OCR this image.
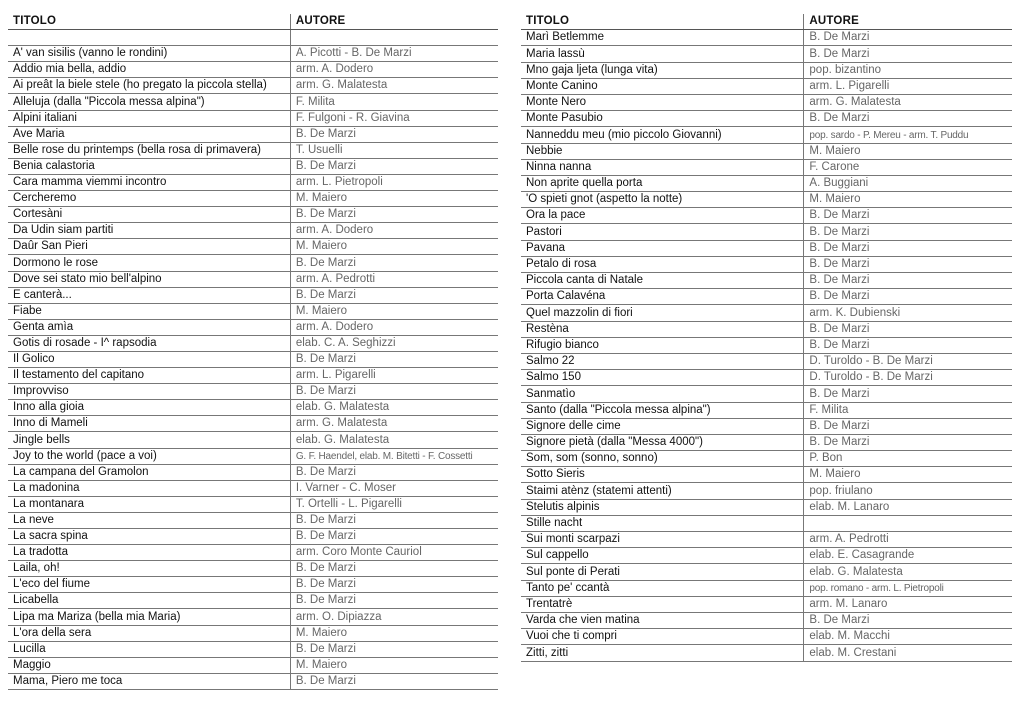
TITOLO	AUTORE

A' van sisilis (vanno le rondini)	A. Picotti - B. De Marzi
Addio mia bella, addio	arm. A. Dodero
Ai preât la biele stele (ho pregato la piccola stella)	arm. G. Malatesta
Alleluja (dalla "Piccola messa alpina")	F. Milita
Alpini italiani	F. Fulgoni - R. Giavina
Ave Maria	B. De Marzi
Belle rose du printemps (bella rosa di primavera)	T. Usuelli
Benia calastoria	B. De Marzi
Cara mamma viemmi incontro	arm. L. Pietropoli
Cercheremo	M. Maiero
Cortesàni	B. De Marzi
Da Udin siam partiti	arm. A. Dodero
Daûr San Pieri	M. Maiero
Dormono le rose	B. De Marzi
Dove sei stato mio bell'alpino	arm. A. Pedrotti
E canterà...	B. De Marzi
Fiabe	M. Maiero
Genta amìa	arm. A. Dodero
Gotis di rosade - I^ rapsodia	elab. C. A. Seghizzi
Il Golico	B. De Marzi
Il testamento del capitano	arm. L. Pigarelli
Improvviso	B. De Marzi
Inno alla gioia	elab. G. Malatesta
Inno di Mameli	arm. G. Malatesta
Jingle bells	elab. G. Malatesta
Joy to the world (pace a voi)	G. F. Haendel, elab. M. Bitetti - F. Cossetti
La campana del Gramolon	B. De Marzi
La madonina	I. Varner - C. Moser
La montanara	T. Ortelli - L. Pigarelli
La neve	B. De Marzi
La sacra spina	B. De Marzi
La tradotta	arm. Coro Monte Cauriol
Laila, oh!	B. De Marzi
L'eco del fiume	B. De Marzi
Licabella	B. De Marzi
Lipa ma Mariza (bella mia Maria)	arm. O. Dipiazza
L'ora della sera	M. Maiero
Lucilla	B. De Marzi
Maggio	M. Maiero
Mama, Piero me toca	B. De Marzi
TITOLO	AUTORE
Marì Betlemme	B. De Marzi
Maria lassù	B. De Marzi
Mno gaja ljeta (lunga vita)	pop. bizantino
Monte Canino	arm. L. Pigarelli
Monte Nero	arm. G. Malatesta
Monte Pasubio	B. De Marzi
Nanneddu meu (mio piccolo Giovanni)	pop. sardo - P. Mereu - arm. T. Puddu
Nebbie	M. Maiero
Ninna nanna	F. Carone
Non aprite quella porta	A. Buggiani
'O spieti gnot (aspetto la notte)	M. Maiero
Ora la pace	B. De Marzi
Pastori	B. De Marzi
Pavana	B. De Marzi
Petalo di rosa	B. De Marzi
Piccola canta di Natale	B. De Marzi
Porta Calavéna	B. De Marzi
Quel mazzolin di fiori	arm. K. Dubienski
Restèna	B. De Marzi
Rifugio bianco	B. De Marzi
Salmo 22	D. Turoldo - B. De Marzi
Salmo 150	D. Turoldo - B. De Marzi
Sanmatìo	B. De Marzi
Santo (dalla "Piccola messa alpina")	F. Milita
Signore delle cime	B. De Marzi
Signore pietà (dalla "Messa 4000")	B. De Marzi
Som, som (sonno, sonno)	P. Bon
Sotto Sieris	M. Maiero
Staimi atènz (statemi attenti)	pop. friulano
Stelutis alpinis	elab. M. Lanaro
Stille nacht	
Sui monti scarpazi	arm. A. Pedrotti
Sul cappello	elab. E. Casagrande
Sul ponte di Perati	elab. G. Malatesta
Tanto pe' ccantà	pop. romano - arm. L. Pietropoli
Trentatrè	arm. M. Lanaro
Varda che vien matina	B. De Marzi
Vuoi che ti compri	elab. M. Macchi
Zitti, zitti	elab. M. Crestani
